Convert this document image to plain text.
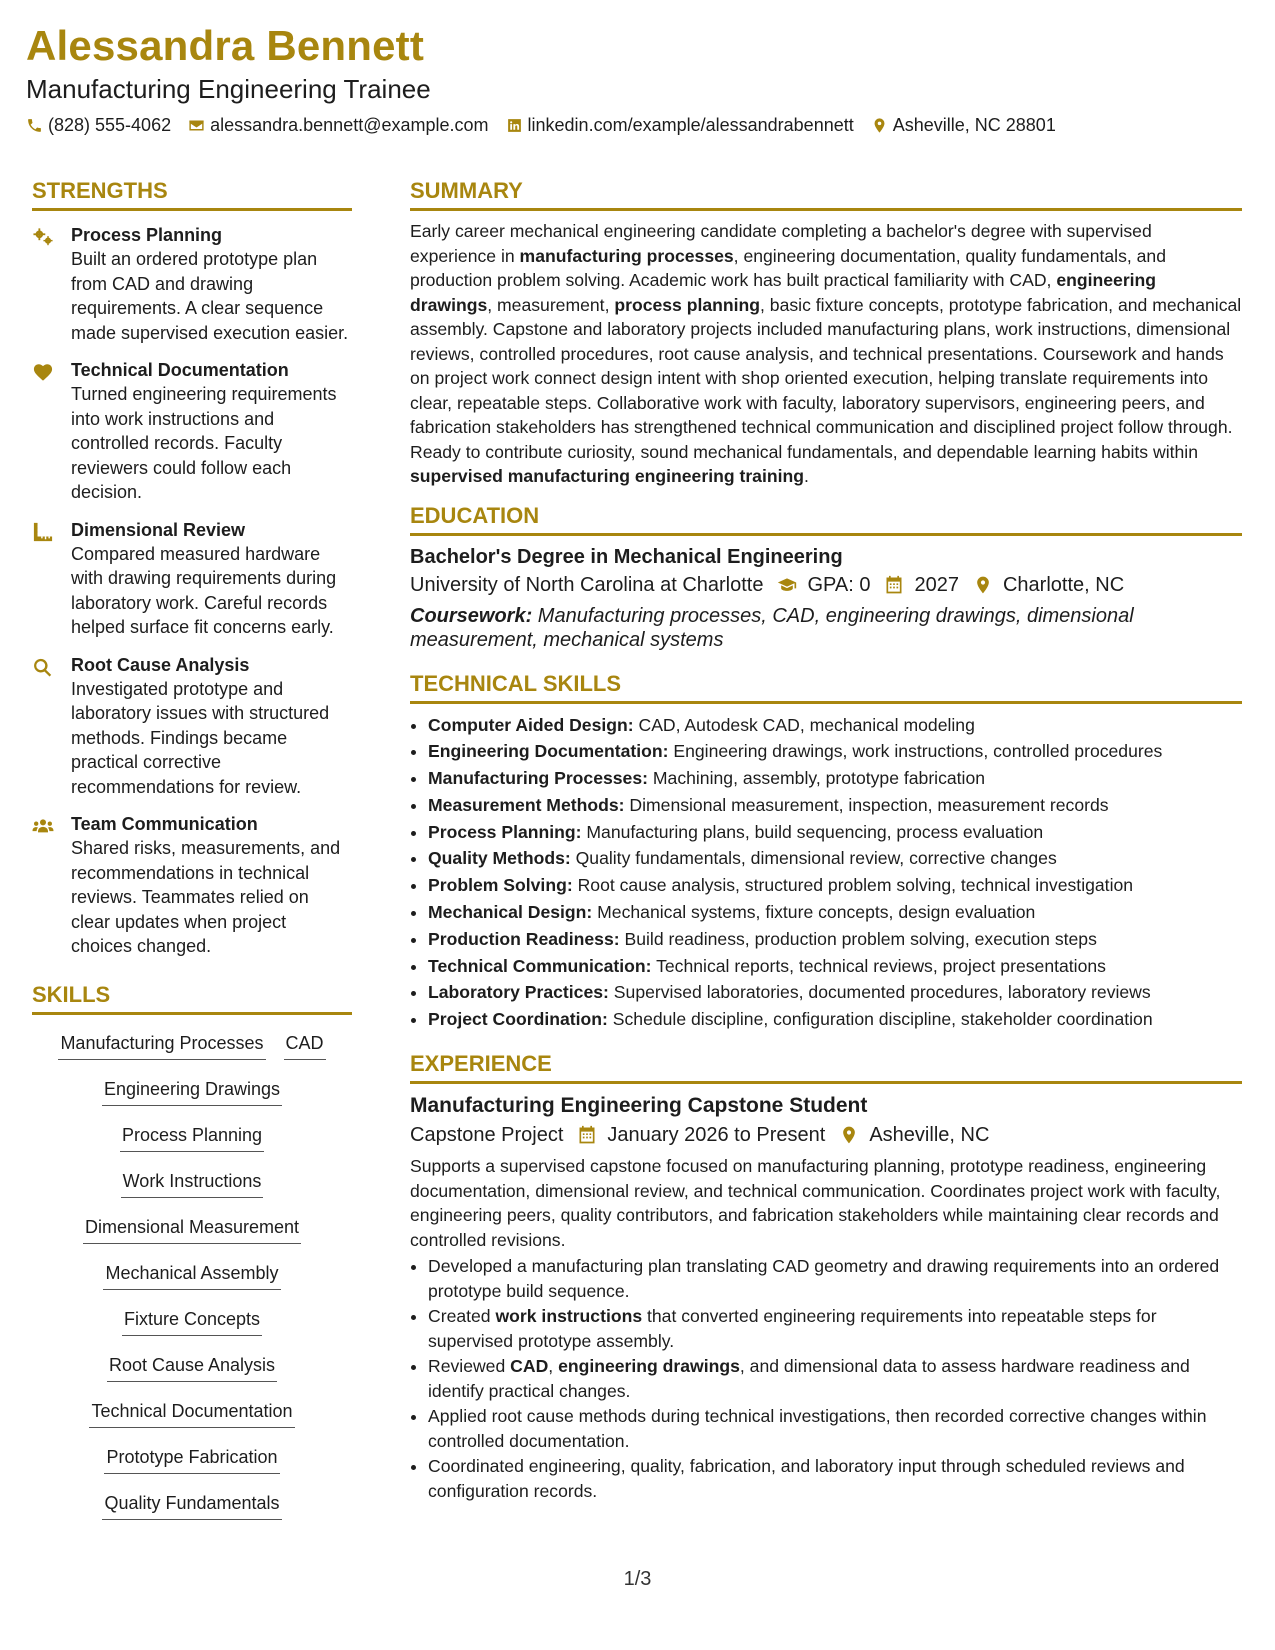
Alessandra Bennett
Manufacturing Engineering Trainee
(828) 555-4062 alessandra.bennett@example.com linkedin.com/example/alessandrabennett Asheville, NC 28801
STRENGTHS
Process Planning
Built an ordered prototype plan from CAD and drawing requirements. A clear sequence made supervised execution easier.
Technical Documentation
Turned engineering requirements into work instructions and controlled records. Faculty reviewers could follow each decision.
Dimensional Review
Compared measured hardware with drawing requirements during laboratory work. Careful records helped surface fit concerns early.
Root Cause Analysis
Investigated prototype and laboratory issues with structured methods. Findings became practical corrective recommendations for review.
Team Communication
Shared risks, measurements, and recommendations in technical reviews. Teammates relied on clear updates when project choices changed.
SKILLS
Manufacturing Processes CAD
Engineering Drawings
Process Planning
Work Instructions
Dimensional Measurement
Mechanical Assembly
Fixture Concepts
Root Cause Analysis
Technical Documentation
Prototype Fabrication
Quality Fundamentals
SUMMARY

Early career mechanical engineering candidate completing a bachelor's degree with supervised experience in manufacturing processes, engineering documentation, quality fundamentals, and production problem solving. Academic work has built practical familiarity with CAD, engineering drawings, measurement, process planning, basic fixture concepts, prototype fabrication, and mechanical assembly. Capstone and laboratory projects included manufacturing plans, work instructions, dimensional reviews, controlled procedures, root cause analysis, and technical presentations. Coursework and hands on project work connect design intent with shop oriented execution, helping translate requirements into clear, repeatable steps. Collaborative work with faculty, laboratory supervisors, engineering peers, and fabrication stakeholders has strengthened technical communication and disciplined project follow through. Ready to contribute curiosity, sound mechanical fundamentals, and dependable learning habits within supervised manufacturing engineering training.

EDUCATION
Bachelor's Degree in Mechanical Engineering
University of North Carolina at Charlotte GPA: 0 2027 Charlotte, NC
Coursework: Manufacturing processes, CAD, engineering drawings, dimensional measurement, mechanical systems
TECHNICAL SKILLS
• Computer Aided Design: CAD, Autodesk CAD, mechanical modeling
• Engineering Documentation: Engineering drawings, work instructions, controlled procedures
• Manufacturing Processes: Machining, assembly, prototype fabrication
• Measurement Methods: Dimensional measurement, inspection, measurement records
• Process Planning: Manufacturing plans, build sequencing, process evaluation
• Quality Methods: Quality fundamentals, dimensional review, corrective changes
• Problem Solving: Root cause analysis, structured problem solving, technical investigation
• Mechanical Design: Mechanical systems, fixture concepts, design evaluation
• Production Readiness: Build readiness, production problem solving, execution steps
• Technical Communication: Technical reports, technical reviews, project presentations
• Laboratory Practices: Supervised laboratories, documented procedures, laboratory reviews
• Project Coordination: Schedule discipline, configuration discipline, stakeholder coordination
EXPERIENCE
Manufacturing Engineering Capstone Student
Capstone Project January 2026 to Present Asheville, NC

Supports a supervised capstone focused on manufacturing planning, prototype readiness, engineering documentation, dimensional review, and technical communication. Coordinates project work with faculty, engineering peers, quality contributors, and fabrication stakeholders while maintaining clear records and controlled revisions.

• Developed a manufacturing plan translating CAD geometry and drawing requirements into an ordered prototype build sequence.
• Created work instructions that converted engineering requirements into repeatable steps for supervised prototype assembly.
• Reviewed CAD, engineering drawings, and dimensional data to assess hardware readiness and identify practical changes.
• Applied root cause methods during technical investigations, then recorded corrective changes within controlled documentation.
• Coordinated engineering, quality, fabrication, and laboratory input through scheduled reviews and configuration records.
1/3
